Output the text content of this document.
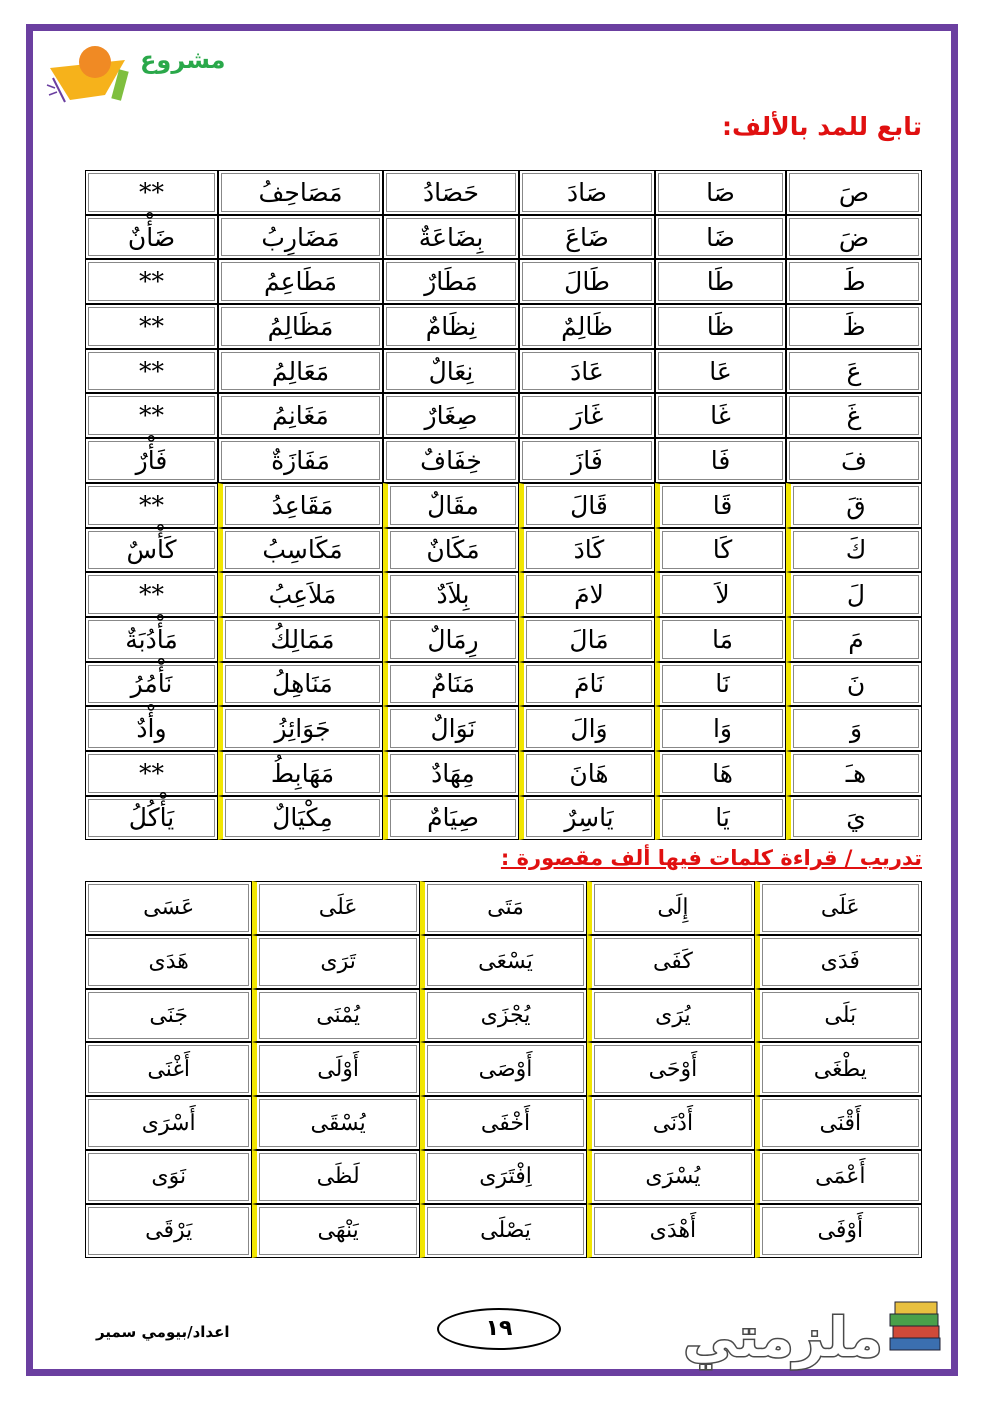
مشروع
تابع للمد بالألف:
صَ	صَا	صَادَ	حَصَادُ	مَصَاحِفُ	**
ضَ	ضَا	ضَاعَ	بِضَاعَةٌ	مَضَارِبُ	ضَأْنٌ
طَ	طَا	طَالَ	مَطَارٌ	مَطَاعِمُ	**
ظَ	ظَا	ظَالِمٌ	نِظَامٌ	مَظَالِمُ	**
عَ	عَا	عَادَ	نِعَالٌ	مَعَالِمُ	**
غَ	غَا	غَارَ	صِغَارٌ	مَغَانِمُ	**
فَ	فَا	فَازَ	خِفَافٌ	مَفَازَةٌ	فَأْرٌ
قَ	قَا	قَالَ	مقَالٌ	مَقَاعِدُ	**
كَ	كَا	كَادَ	مَكَانٌ	مَكَاسِبُ	كَأْسٌ
لَ	لاَ	لامَ	بِلاَدٌ	مَلاَعِبُ	**
مَ	مَا	مَالَ	رِمَالٌ	مَمَالِكُ	مَأْدُبَةٌ
نَ	نَا	نَامَ	مَنَامٌ	مَنَاهِلُ	نَأْمُرُ
وَ	وَا	وَالَ	نَوَالٌ	جَوَائِزُ	وأْدٌ
هـَ	هَا	هَانَ	مِهَادٌ	مَهَابِطُ	**
يَ	يَا	يَاسِرٌ	صِيَامٌ	مِكْيَالٌ	يَأْكُلُ
تدريب / قراءة كلمات فيها ألف مقصورة :
عَلَى	إِلَى	مَتَى	عَلَى	عَسَى
فَدَى	كَفَى	يَسْعَى	تَرَى	هَدَى
بَلَى	يُرَى	يُجْزَى	يُمْنَى	جَنَى
يطْغَى	أَوْحَى	أَوْصَى	أَوْلَى	أَغْنَى
أَقْنَى	أَدْنَى	أَخْفَى	يُسْقَى	أَسْرَى
أَعْمَى	يُسْرَى	اِفْتَرَى	لَظَى	نَوَى
أَوْفَى	أَهْدَى	يَصْلَى	يَنْهَى	يَرْقَى
اعداد/بيومي سمير	١٩	ملزمتي
